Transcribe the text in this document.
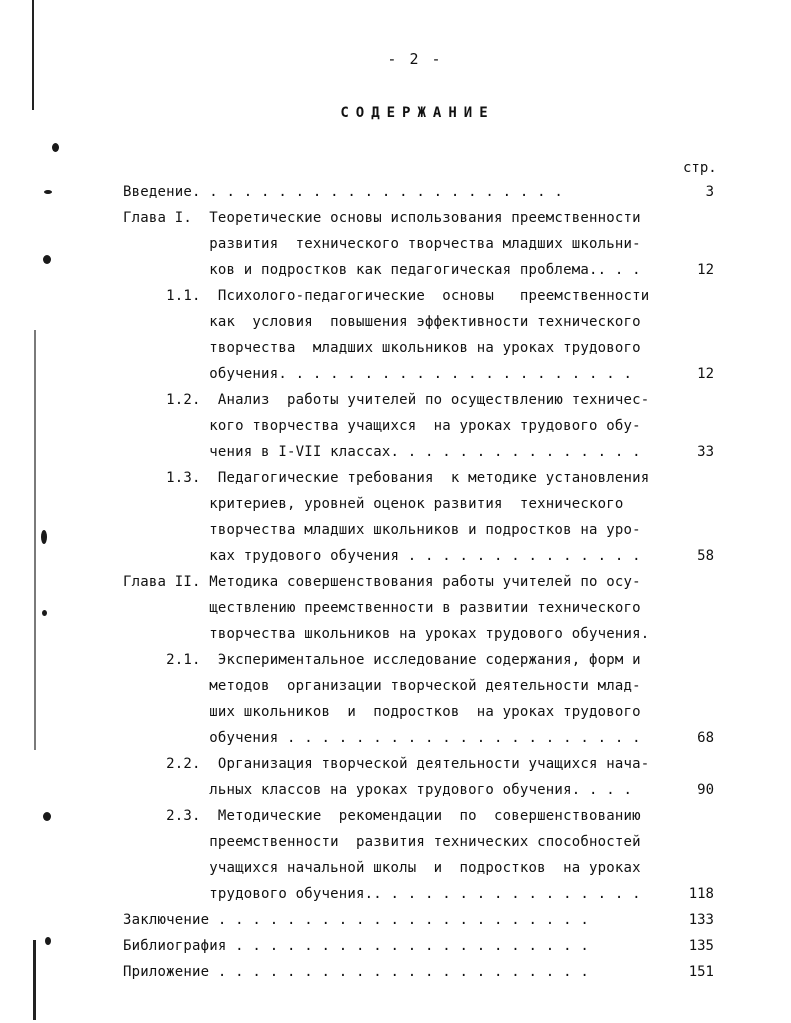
- 2 -
СОДЕРЖАНИЕ
стр.
Введение. . . . . . . . . . . . . . . . . . . . . .	3
Глава I.  Теоретические основы использования преемственности
развития  технического творчества младших школьни-
ков и подростков как педагогическая проблема.. . .	12
1.1.  Психолого-педагогические  основы   преемственности
как  условия  повышения эффективности технического
творчества  младших школьников на уроках трудового
обучения. . . . . . . . . . . . . . . . . . . . .	12
1.2.  Анализ  работы учителей по осуществлению техничес-
кого творчества учащихся  на уроках трудового обу-
чения в I-VII классах. . . . . . . . . . . . . . .	33
1.3.  Педагогические требования  к методике установления
критериев, уровней оценок развития  технического
творчества младших школьников и подростков на уро-
ках трудового обучения . . . . . . . . . . . . . .	58
Глава II. Методика совершенствования работы учителей по осу-
ществлению преемственности в развитии технического
творчества школьников на уроках трудового обучения.
2.1.  Экспериментальное исследование содержания, форм и
методов  организации творческой деятельности млад-
ших школьников  и  подростков  на уроках трудового
обучения . . . . . . . . . . . . . . . . . . . . .	68
2.2.  Организация творческой деятельности учащихся нача-
льных классов на уроках трудового обучения. . . .	90
2.3.  Методические  рекомендации  по  совершенствованию
преемственности  развития технических способностей
учащихся начальной школы  и  подростков  на уроках
трудового обучения.. . . . . . . . . . . . . . . .	118
Заключение . . . . . . . . . . . . . . . . . . . . . .	133
Библиография . . . . . . . . . . . . . . . . . . . . .	135
Приложение . . . . . . . . . . . . . . . . . . . . . .	151
